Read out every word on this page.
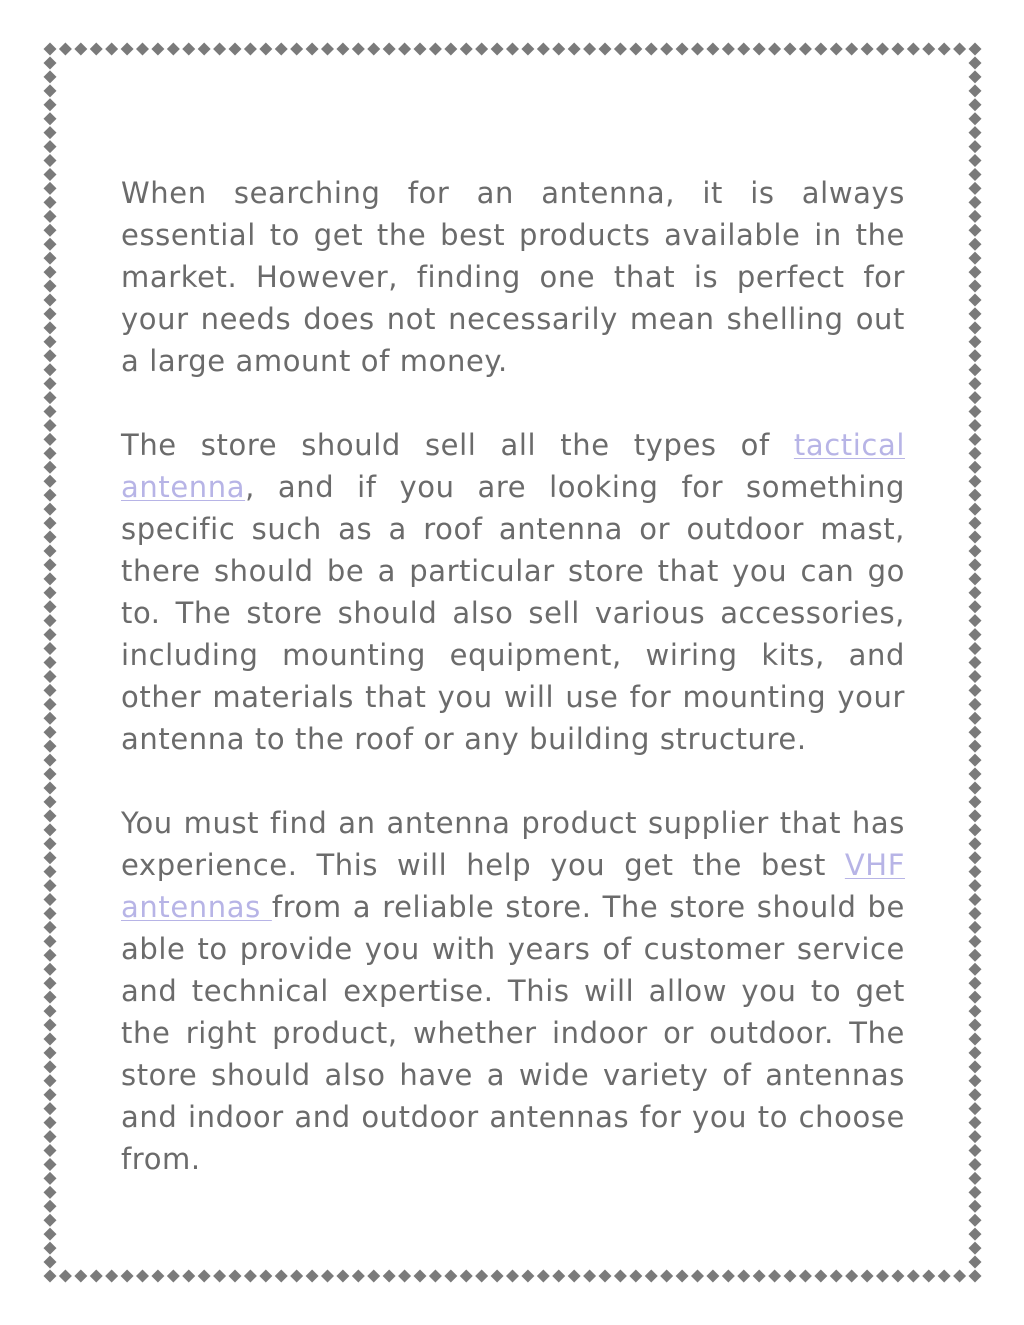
When searching for an antenna, it is always essential to get the best products available in the market. However, finding one that is perfect for your needs does not necessarily mean shelling out a large amount of money.

The store should sell all the types of tactical antenna, and if you are looking for something specific such as a roof antenna or outdoor mast, there should be a particular store that you can go to. The store should also sell various accessories, including mounting equipment, wiring kits, and other materials that you will use for mounting your antenna to the roof or any building structure.

You must find an antenna product supplier that has experience. This will help you get the best VHF antennas from a reliable store. The store should be able to provide you with years of customer service and technical expertise. This will allow you to get the right product, whether indoor or outdoor. The store should also have a wide variety of antennas and indoor and outdoor antennas for you to choose from.
